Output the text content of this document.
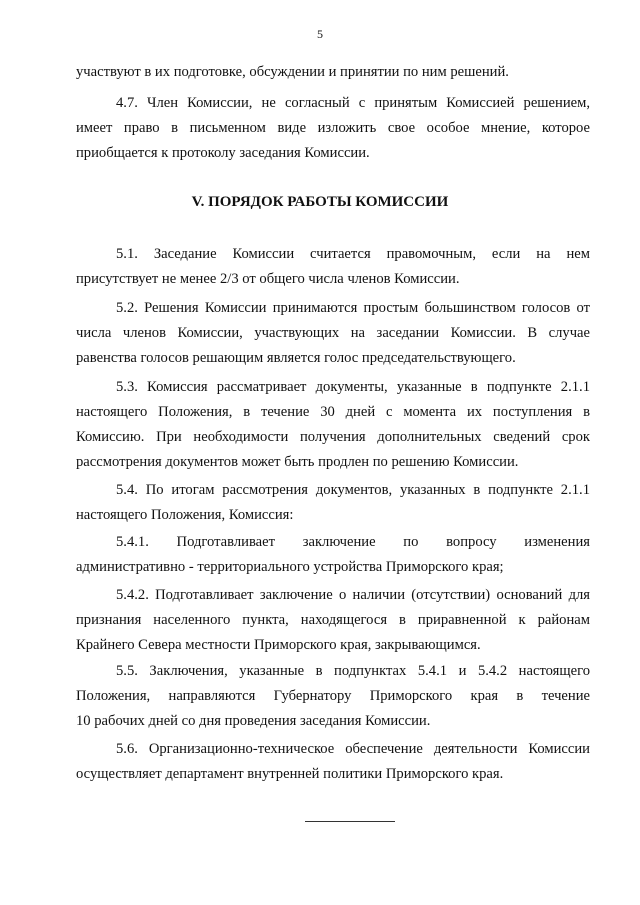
5
участвуют в их подготовке, обсуждении и принятии по ним решений.
4.7. Член Комиссии, не согласный с принятым Комиссией решением,
имеет право в письменном виде изложить свое особое мнение, которое
приобщается к протоколу заседания Комиссии.
V. ПОРЯДОК РАБОТЫ КОМИССИИ
5.1. Заседание Комиссии считается правомочным, если на нем
присутствует не менее 2/3 от общего числа членов Комиссии.
5.2. Решения Комиссии принимаются простым большинством голосов от
числа членов Комиссии, участвующих на заседании Комиссии. В случае
равенства голосов решающим является голос председательствующего.
5.3. Комиссия рассматривает документы, указанные в подпункте 2.1.1
настоящего Положения, в течение 30 дней с момента их поступления в
Комиссию. При необходимости получения дополнительных сведений срок
рассмотрения документов может быть продлен по решению Комиссии.
5.4. По итогам рассмотрения документов, указанных в подпункте 2.1.1
настоящего Положения, Комиссия:
5.4.1. Подготавливает заключение по вопросу изменения
административно - территориального устройства Приморского края;
5.4.2. Подготавливает заключение о наличии (отсутствии) оснований для
признания населенного пункта, находящегося в приравненной к районам
Крайнего Севера местности Приморского края, закрывающимся.
5.5. Заключения, указанные в подпунктах 5.4.1 и 5.4.2 настоящего
Положения, направляются Губернатору Приморского края в течение
10 рабочих дней со дня проведения заседания Комиссии.
5.6. Организационно-техническое обеспечение деятельности Комиссии
осуществляет департамент внутренней политики Приморского края.
